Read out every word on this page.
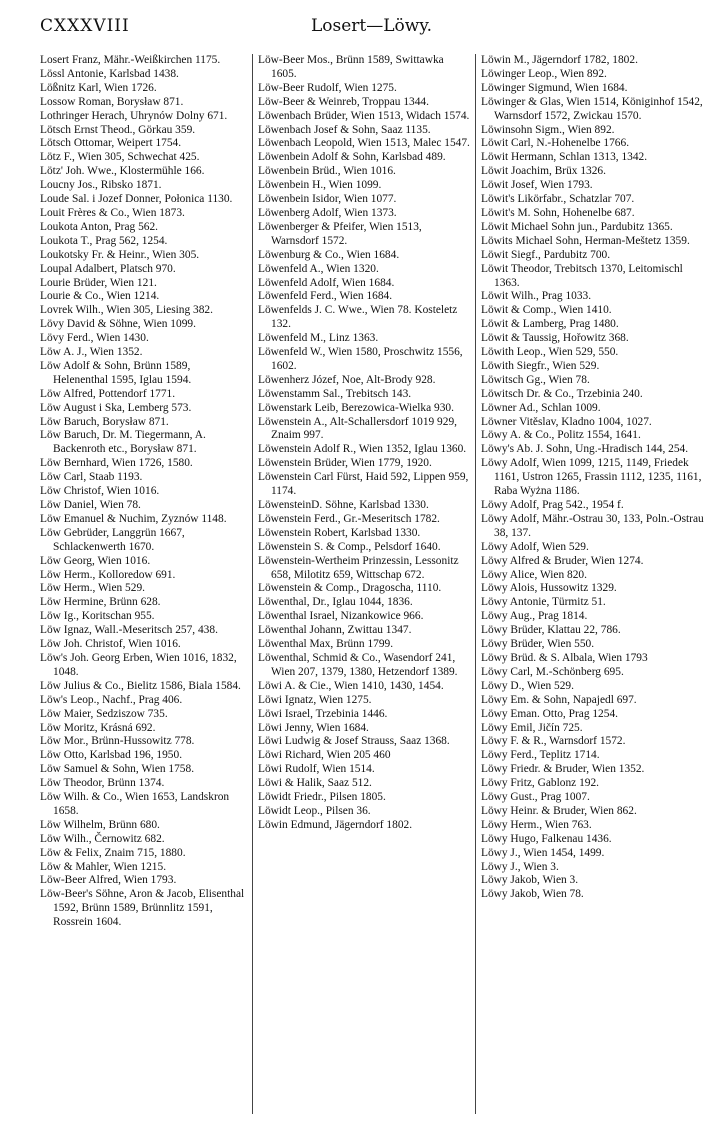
CXXXVIII	Losert—Löwy.
Losert Franz, Mähr.-Weißkirchen 1175.
Lössl Antonie, Karlsbad 1438.
Lößnitz Karl, Wien 1726.
Lossow Roman, Borysław 871.
Lothringer Herach, Uhrynów Dolny 671.
Lötsch Ernst Theod., Görkau 359.
Lötsch Ottomar, Weipert 1754.
Lötz F., Wien 305, Schwechat 425.
Lötz' Joh. Wwe., Klostermühle 166.
Loucny Jos., Ribsko 1871.
Loude Sal. i Jozef Donner, Połonica 1130.
Louit Frères & Co., Wien 1873.
Loukota Anton, Prag 562.
Loukota T., Prag 562, 1254.
Loukotsky Fr. & Heinr., Wien 305.
Loupal Adalbert, Platsch 970.
Lourie Brüder, Wien 121.
Lourie & Co., Wien 1214.
Lovrek Wilh., Wien 305, Liesing 382.
Lövy David & Söhne, Wien 1099.
Lövy Ferd., Wien 1430.
Löw A. J., Wien 1352.
Löw Adolf & Sohn, Brünn 1589, Helenenthal 1595, Iglau 1594.
Löw Alfred, Pottendorf 1771.
Löw August i Ska, Lemberg 573.
Löw Baruch, Borysław 871.
Löw Baruch, Dr. M. Tiegermann, A. Backenroth etc., Borysław 871.
Löw Bernhard, Wien 1726, 1580.
Löw Carl, Staab 1193.
Löw Christof, Wien 1016.
Löw Daniel, Wien 78.
Löw Emanuel & Nuchim, Zyznów 1148.
Löw Gebrüder, Langgrün 1667, Schlackenwerth 1670.
Löw Georg, Wien 1016.
Löw Herm., Kolloredow 691.
Löw Herm., Wien 529.
Löw Hermine, Brünn 628.
Löw Ig., Koritschan 955.
Löw Ignaz, Wall.-Meseritsch 257, 438.
Löw Joh. Christof, Wien 1016.
Löw's Joh. Georg Erben, Wien 1016, 1832, 1048.
Löw Julius & Co., Bielitz 1586, Biala 1584.
Löw's Leop., Nachf., Prag 406.
Löw Maier, Sedziszow 735.
Löw Moritz, Krásná 692.
Löw Mor., Brünn-Hussowitz 778.
Löw Otto, Karlsbad 196, 1950.
Löw Samuel & Sohn, Wien 1758.
Löw Theodor, Brünn 1374.
Löw Wilh. & Co., Wien 1653, Landskron 1658.
Löw Wilhelm, Brünn 680.
Löw Wilh., Černowitz 682.
Löw & Felix, Znaim 715, 1880.
Löw & Mahler, Wien 1215.
Löw-Beer Alfred, Wien 1793.
Löw-Beer's Söhne, Aron & Jacob, Elisenthal 1592, Brünn 1589, Brünnlitz 1591, Rossrein 1604.
Löw-Beer Mos., Brünn 1589, Swittawka 1605.
Löw-Beer Rudolf, Wien 1275.
Löw-Beer & Weinreb, Troppau 1344.
Löwenbach Brüder, Wien 1513, Widach 1574.
Löwenbach Josef & Sohn, Saaz 1135.
Löwenbach Leopold, Wien 1513, Malec 1547.
Löwenbein Adolf & Sohn, Karlsbad 489.
Löwenbein Brüd., Wien 1016.
Löwenbein H., Wien 1099.
Löwenbein Isidor, Wien 1077.
Löwenberg Adolf, Wien 1373.
Löwenberger & Pfeifer, Wien 1513, Warnsdorf 1572.
Löwenburg & Co., Wien 1684.
Löwenfeld A., Wien 1320.
Löwenfeld Adolf, Wien 1684.
Löwenfeld Ferd., Wien 1684.
Löwenfelds J. C. Wwe., Wien 78. Kosteletz 132.
Löwenfeld M., Linz 1363.
Löwenfeld W., Wien 1580, Proschwitz 1556, 1602.
Löwenherz Józef, Noe, Alt-Brody 928.
Löwenstamm Sal., Trebitsch 143.
Löwenstark Leib, Berezowica-Wielka 930.
Löwenstein A., Alt-Schallersdorf 1019 929, Znaim 997.
Löwenstein Adolf R., Wien 1352, Iglau 1360.
Löwenstein Brüder, Wien 1779, 1920.
Löwenstein Carl Fürst, Haid 592, Lippen 959, 1174.
LöwensteinD. Söhne, Karlsbad 1330.
Löwenstein Ferd., Gr.-Meseritsch 1782.
Löwenstein Robert, Karlsbad 1330.
Löwenstein S. & Comp., Pelsdorf 1640.
Löwenstein-Wertheim Prinzessin, Lessonitz 658, Milotitz 659, Wittschap 672.
Löwenstein & Comp., Dragoscha, 1110.
Löwenthal, Dr., Iglau 1044, 1836.
Löwenthal Israel, Nizankowice 966.
Löwenthal Johann, Zwittau 1347.
Löwenthal Max, Brünn 1799.
Löwenthal, Schmid & Co., Wasendorf 241, Wien 207, 1379, 1380, Hetzendorf 1389.
Löwi A. & Cie., Wien 1410, 1430, 1454.
Löwi Ignatz, Wien 1275.
Löwi Israel, Trzebinia 1446.
Löwi Jenny, Wien 1684.
Löwi Ludwig & Josef Strauss, Saaz 1368.
Löwi Richard, Wien 205 460
Löwi Rudolf, Wien 1514.
Löwi & Halik, Saaz 512.
Löwidt Friedr., Pilsen 1805.
Löwidt Leop., Pilsen 36.
Löwin Edmund, Jägerndorf 1802.
Löwin M., Jägerndorf 1782, 1802.
Löwinger Leop., Wien 892.
Löwinger Sigmund, Wien 1684.
Löwinger & Glas, Wien 1514, Königinhof 1542, Warnsdorf 1572, Zwickau 1570.
Löwinsohn Sigm., Wien 892.
Löwit Carl, N.-Hohenelbe 1766.
Löwit Hermann, Schlan 1313, 1342.
Löwit Joachim, Brüx 1326.
Löwit Josef, Wien 1793.
Löwit's Likörfabr., Schatzlar 707.
Löwit's M. Sohn, Hohenelbe 687.
Löwit Michael Sohn jun., Pardubitz 1365.
Löwits Michael Sohn, Herman-Meštetz 1359.
Löwit Siegf., Pardubitz 700.
Löwit Theodor, Trebitsch 1370, Leitomischl 1363.
Löwit Wilh., Prag 1033.
Löwit & Comp., Wien 1410.
Löwit & Lamberg, Prag 1480.
Löwit & Taussig, Hořowitz 368.
Löwith Leop., Wien 529, 550.
Löwith Siegfr., Wien 529.
Löwitsch Gg., Wien 78.
Löwitsch Dr. & Co., Trzebinia 240.
Löwner Ad., Schlan 1009.
Löwner Vitěslav, Kladno 1004, 1027.
Löwy A. & Co., Politz 1554, 1641.
Löwy's Ab. J. Sohn, Ung.-Hradisch 144, 254.
Löwy Adolf, Wien 1099, 1215, 1149, Friedek 1161, Ustron 1265, Frassin 1112, 1235, 1161, Raba Wyżna 1186.
Löwy Adolf, Prag 542., 1954 f.
Löwy Adolf, Mähr.-Ostrau 30, 133, Poln.-Ostrau 38, 137.
Löwy Adolf, Wien 529.
Löwy Alfred & Bruder, Wien 1274.
Löwy Alice, Wien 820.
Löwy Alois, Hussowitz 1329.
Löwy Antonie, Türmitz 51.
Löwy Aug., Prag 1814.
Löwy Brüder, Klattau 22, 786.
Löwy Brüder, Wien 550.
Löwy Brüd. & S. Albala, Wien 1793
Löwy Carl, M.-Schönberg 695.
Löwy D., Wien 529.
Löwy Em. & Sohn, Napajedl 697.
Löwy Eman. Otto, Prag 1254.
Löwy Emil, Jičín 725.
Löwy F. & R., Warnsdorf 1572.
Löwy Ferd., Teplitz 1714.
Löwy Friedr. & Bruder, Wien 1352.
Löwy Fritz, Gablonz 192.
Löwy Gust., Prag 1007.
Löwy Heinr. & Bruder, Wien 862.
Löwy Herm., Wien 763.
Löwy Hugo, Falkenau 1436.
Löwy J., Wien 1454, 1499.
Löwy J., Wien 3.
Löwy Jakob, Wien 3.
Löwy Jakob, Wien 78.
